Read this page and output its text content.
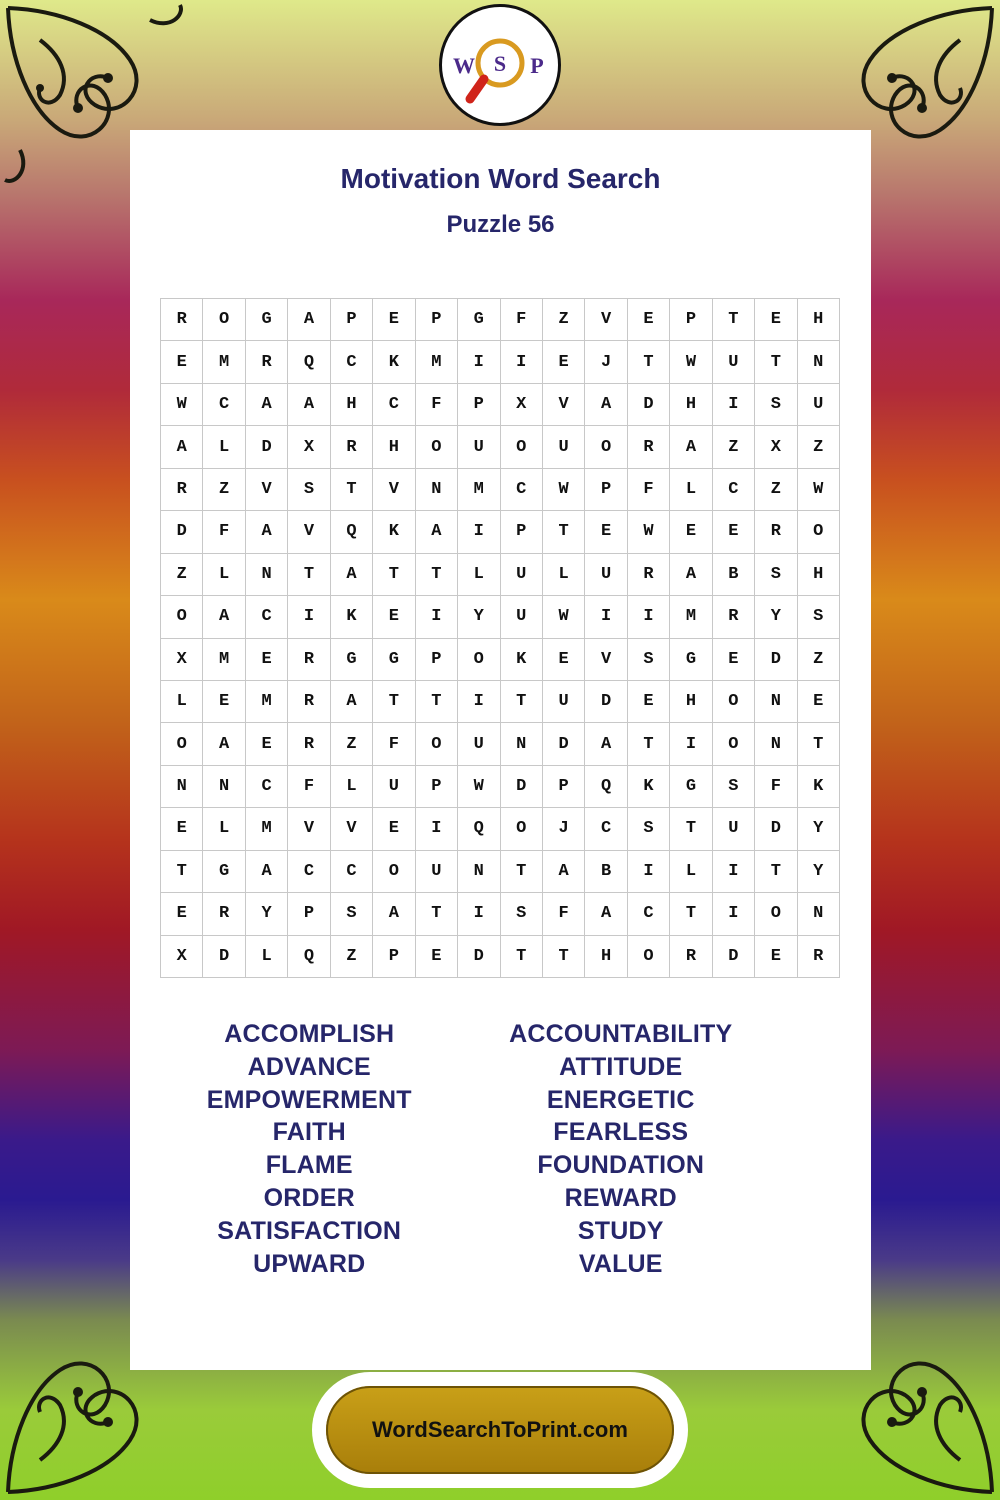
W S P
Motivation Word Search
Puzzle 56
R	O	G	A	P	E	P	G	F	Z	V	E	P	T	E	H
E	M	R	Q	C	K	M	I	I	E	J	T	W	U	T	N
W	C	A	A	H	C	F	P	X	V	A	D	H	I	S	U
A	L	D	X	R	H	O	U	O	U	O	R	A	Z	X	Z
R	Z	V	S	T	V	N	M	C	W	P	F	L	C	Z	W
D	F	A	V	Q	K	A	I	P	T	E	W	E	E	R	O
Z	L	N	T	A	T	T	L	U	L	U	R	A	B	S	H
O	A	C	I	K	E	I	Y	U	W	I	I	M	R	Y	S
X	M	E	R	G	G	P	O	K	E	V	S	G	E	D	Z
L	E	M	R	A	T	T	I	T	U	D	E	H	O	N	E
O	A	E	R	Z	F	O	U	N	D	A	T	I	O	N	T
N	N	C	F	L	U	P	W	D	P	Q	K	G	S	F	K
E	L	M	V	V	E	I	Q	O	J	C	S	T	U	D	Y
T	G	A	C	C	O	U	N	T	A	B	I	L	I	T	Y
E	R	Y	P	S	A	T	I	S	F	A	C	T	I	O	N
X	D	L	Q	Z	P	E	D	T	T	H	O	R	D	E	R
ACCOMPLISH
ADVANCE
EMPOWERMENT
FAITH
FLAME
ORDER
SATISFACTION
UPWARD
ACCOUNTABILITY
ATTITUDE
ENERGETIC
FEARLESS
FOUNDATION
REWARD
STUDY
VALUE
WordSearchToPrint.com
